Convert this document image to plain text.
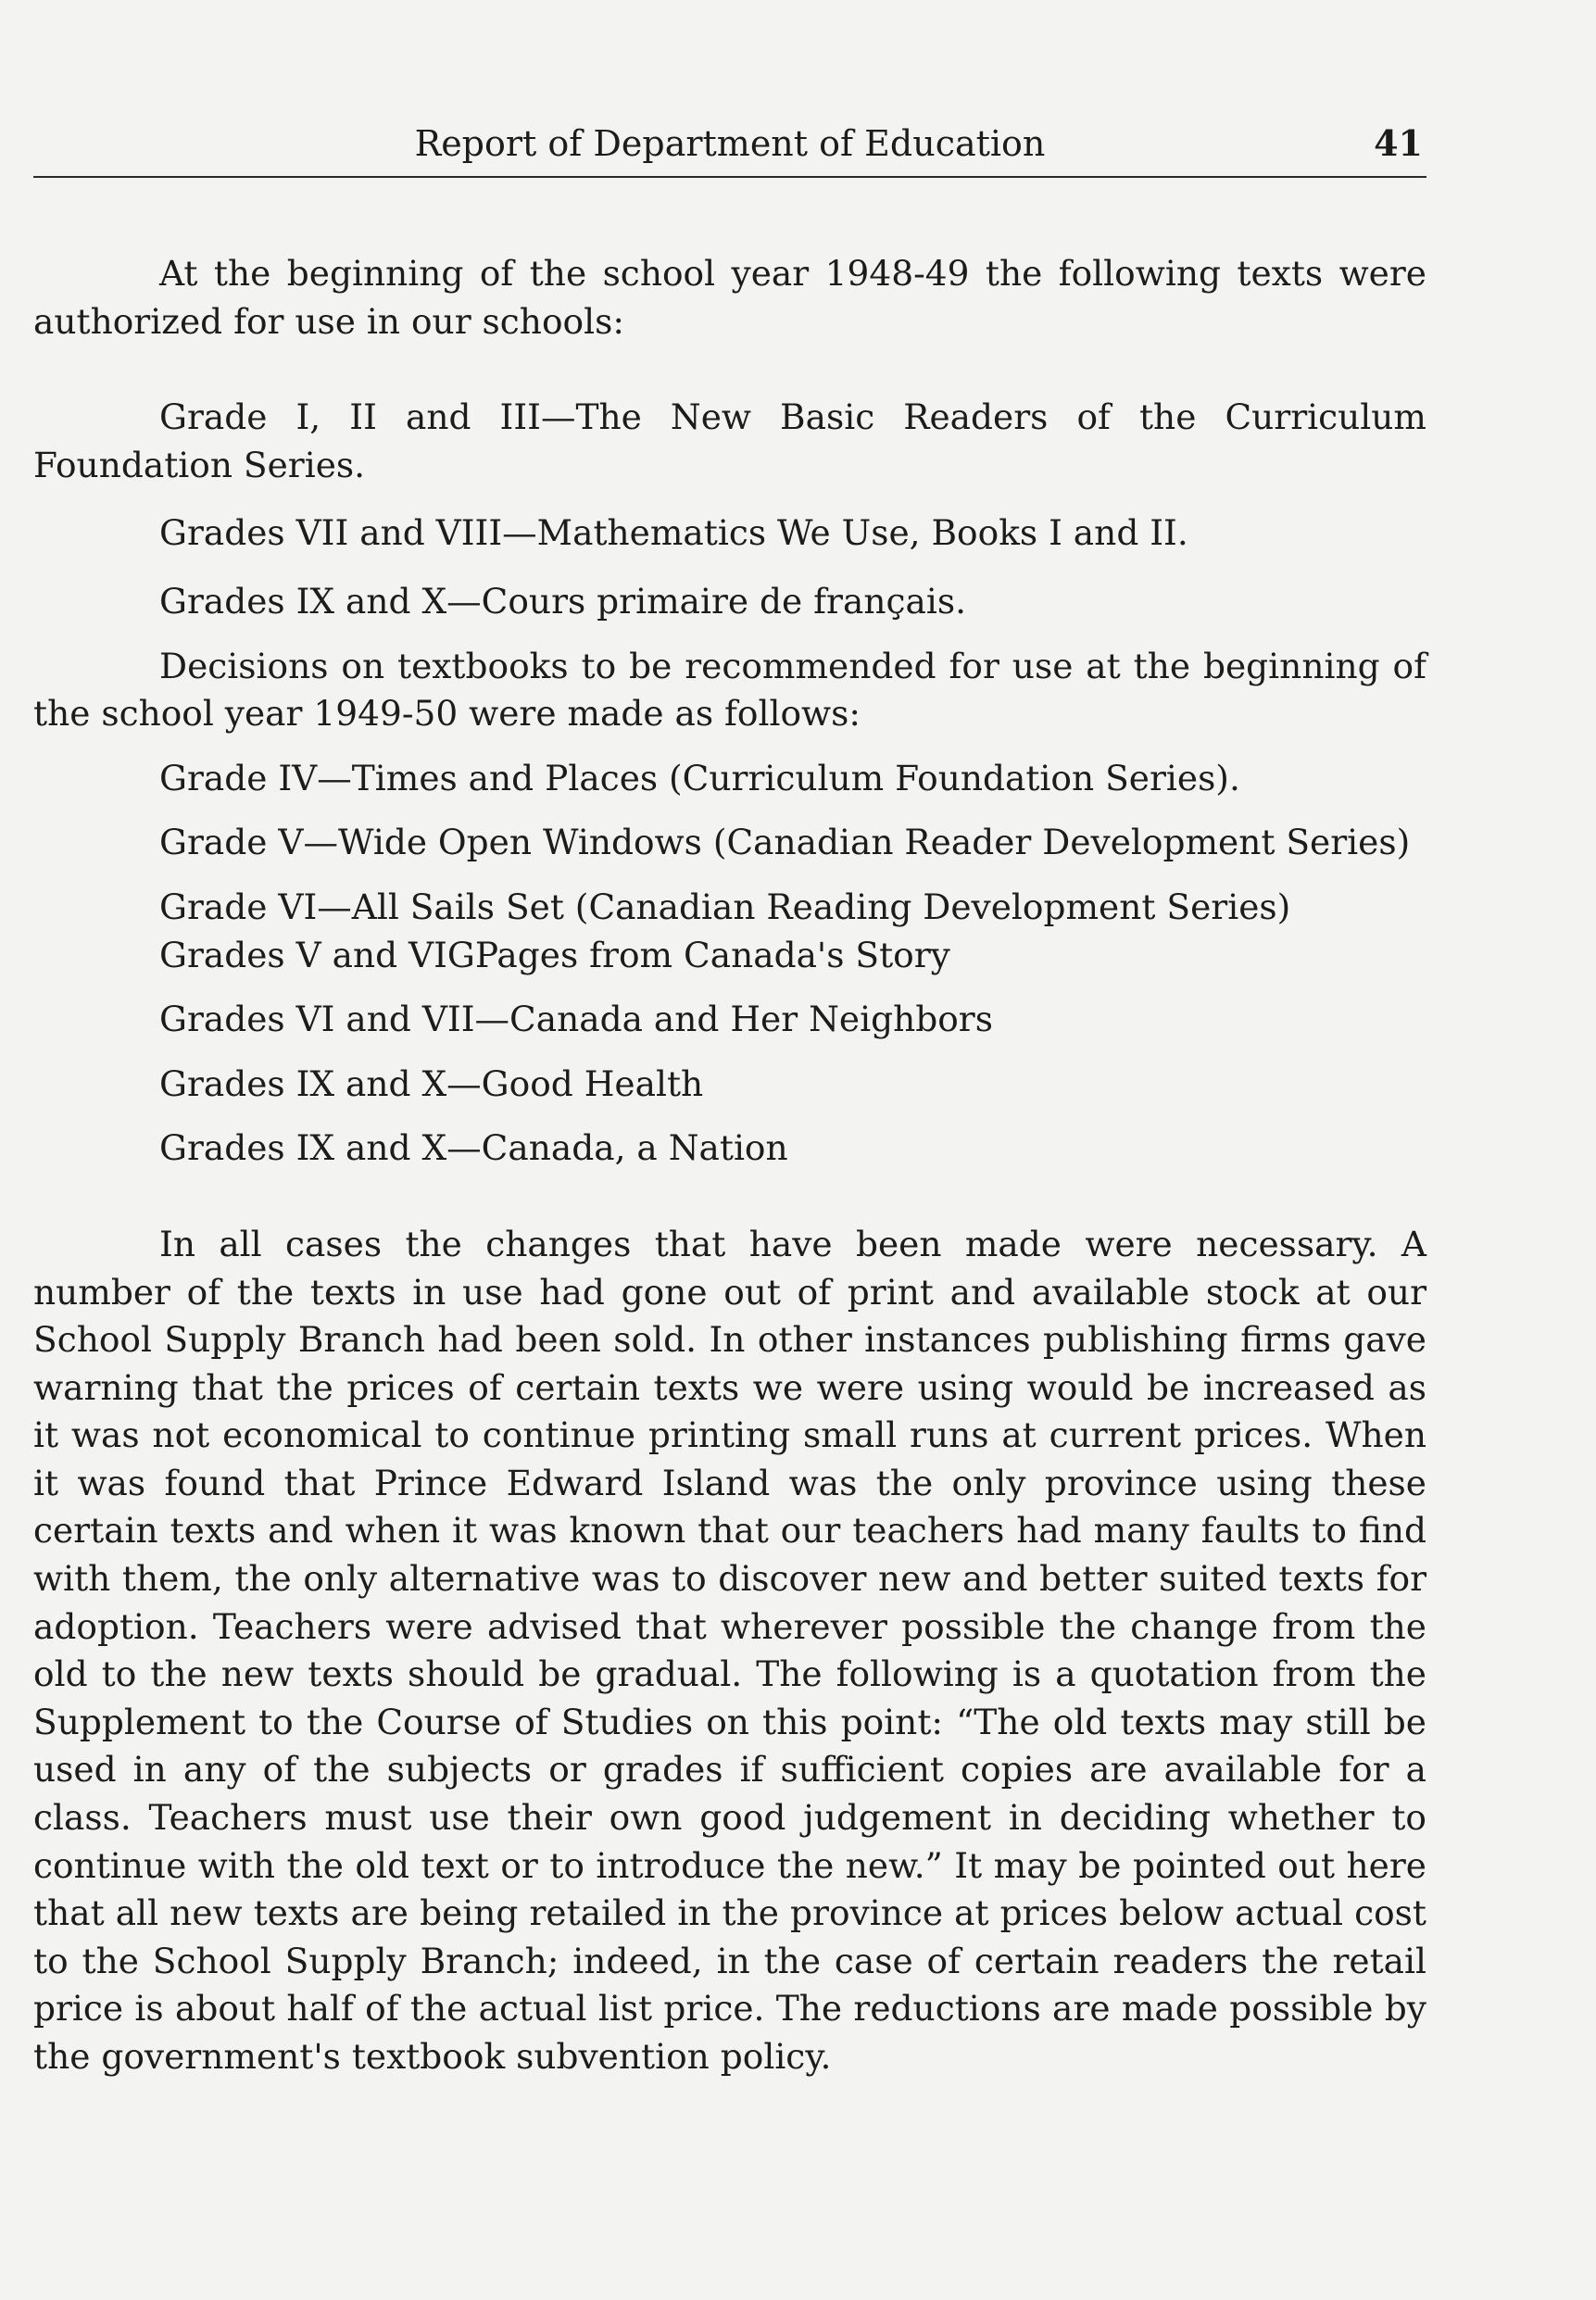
Report of Department of Education	41

At the beginning of the school year 1948-49 the following texts were authorized for use in our schools:

Grade I, II and III—The New Basic Readers of the Curriculum Foundation Series.

Grades VII and VIII—Mathematics We Use, Books I and II.

Grades IX and X—Cours primaire de français.

Decisions on textbooks to be recommended for use at the beginning of the school year 1949-50 were made as follows:

Grade IV—Times and Places (Curriculum Foundation Series).

Grade V—Wide Open Windows (Canadian Reader Development Series)

Grade VI—All Sails Set (Canadian Reading Development Series)

Grades V and VIGPages from Canada's Story

Grades VI and VII—Canada and Her Neighbors

Grades IX and X—Good Health

Grades IX and X—Canada, a Nation

In all cases the changes that have been made were necessary. A number of the texts in use had gone out of print and available stock at our School Supply Branch had been sold. In other instances publishing firms gave warning that the prices of certain texts we were using would be increased as it was not economical to continue printing small runs at current prices. When it was found that Prince Edward Island was the only province using these certain texts and when it was known that our teachers had many faults to find with them, the only alternative was to discover new and better suited texts for adoption. Teachers were advised that wherever possible the change from the old to the new texts should be gradual. The following is a quotation from the Supplement to the Course of Studies on this point: “The old texts may still be used in any of the subjects or grades if sufficient copies are available for a class. Teachers must use their own good judgement in deciding whether to continue with the old text or to introduce the new.” It may be pointed out here that all new texts are being retailed in the province at prices below actual cost to the School Supply Branch; indeed, in the case of certain readers the retail price is about half of the actual list price. The reductions are made possible by the government's textbook subvention policy.
